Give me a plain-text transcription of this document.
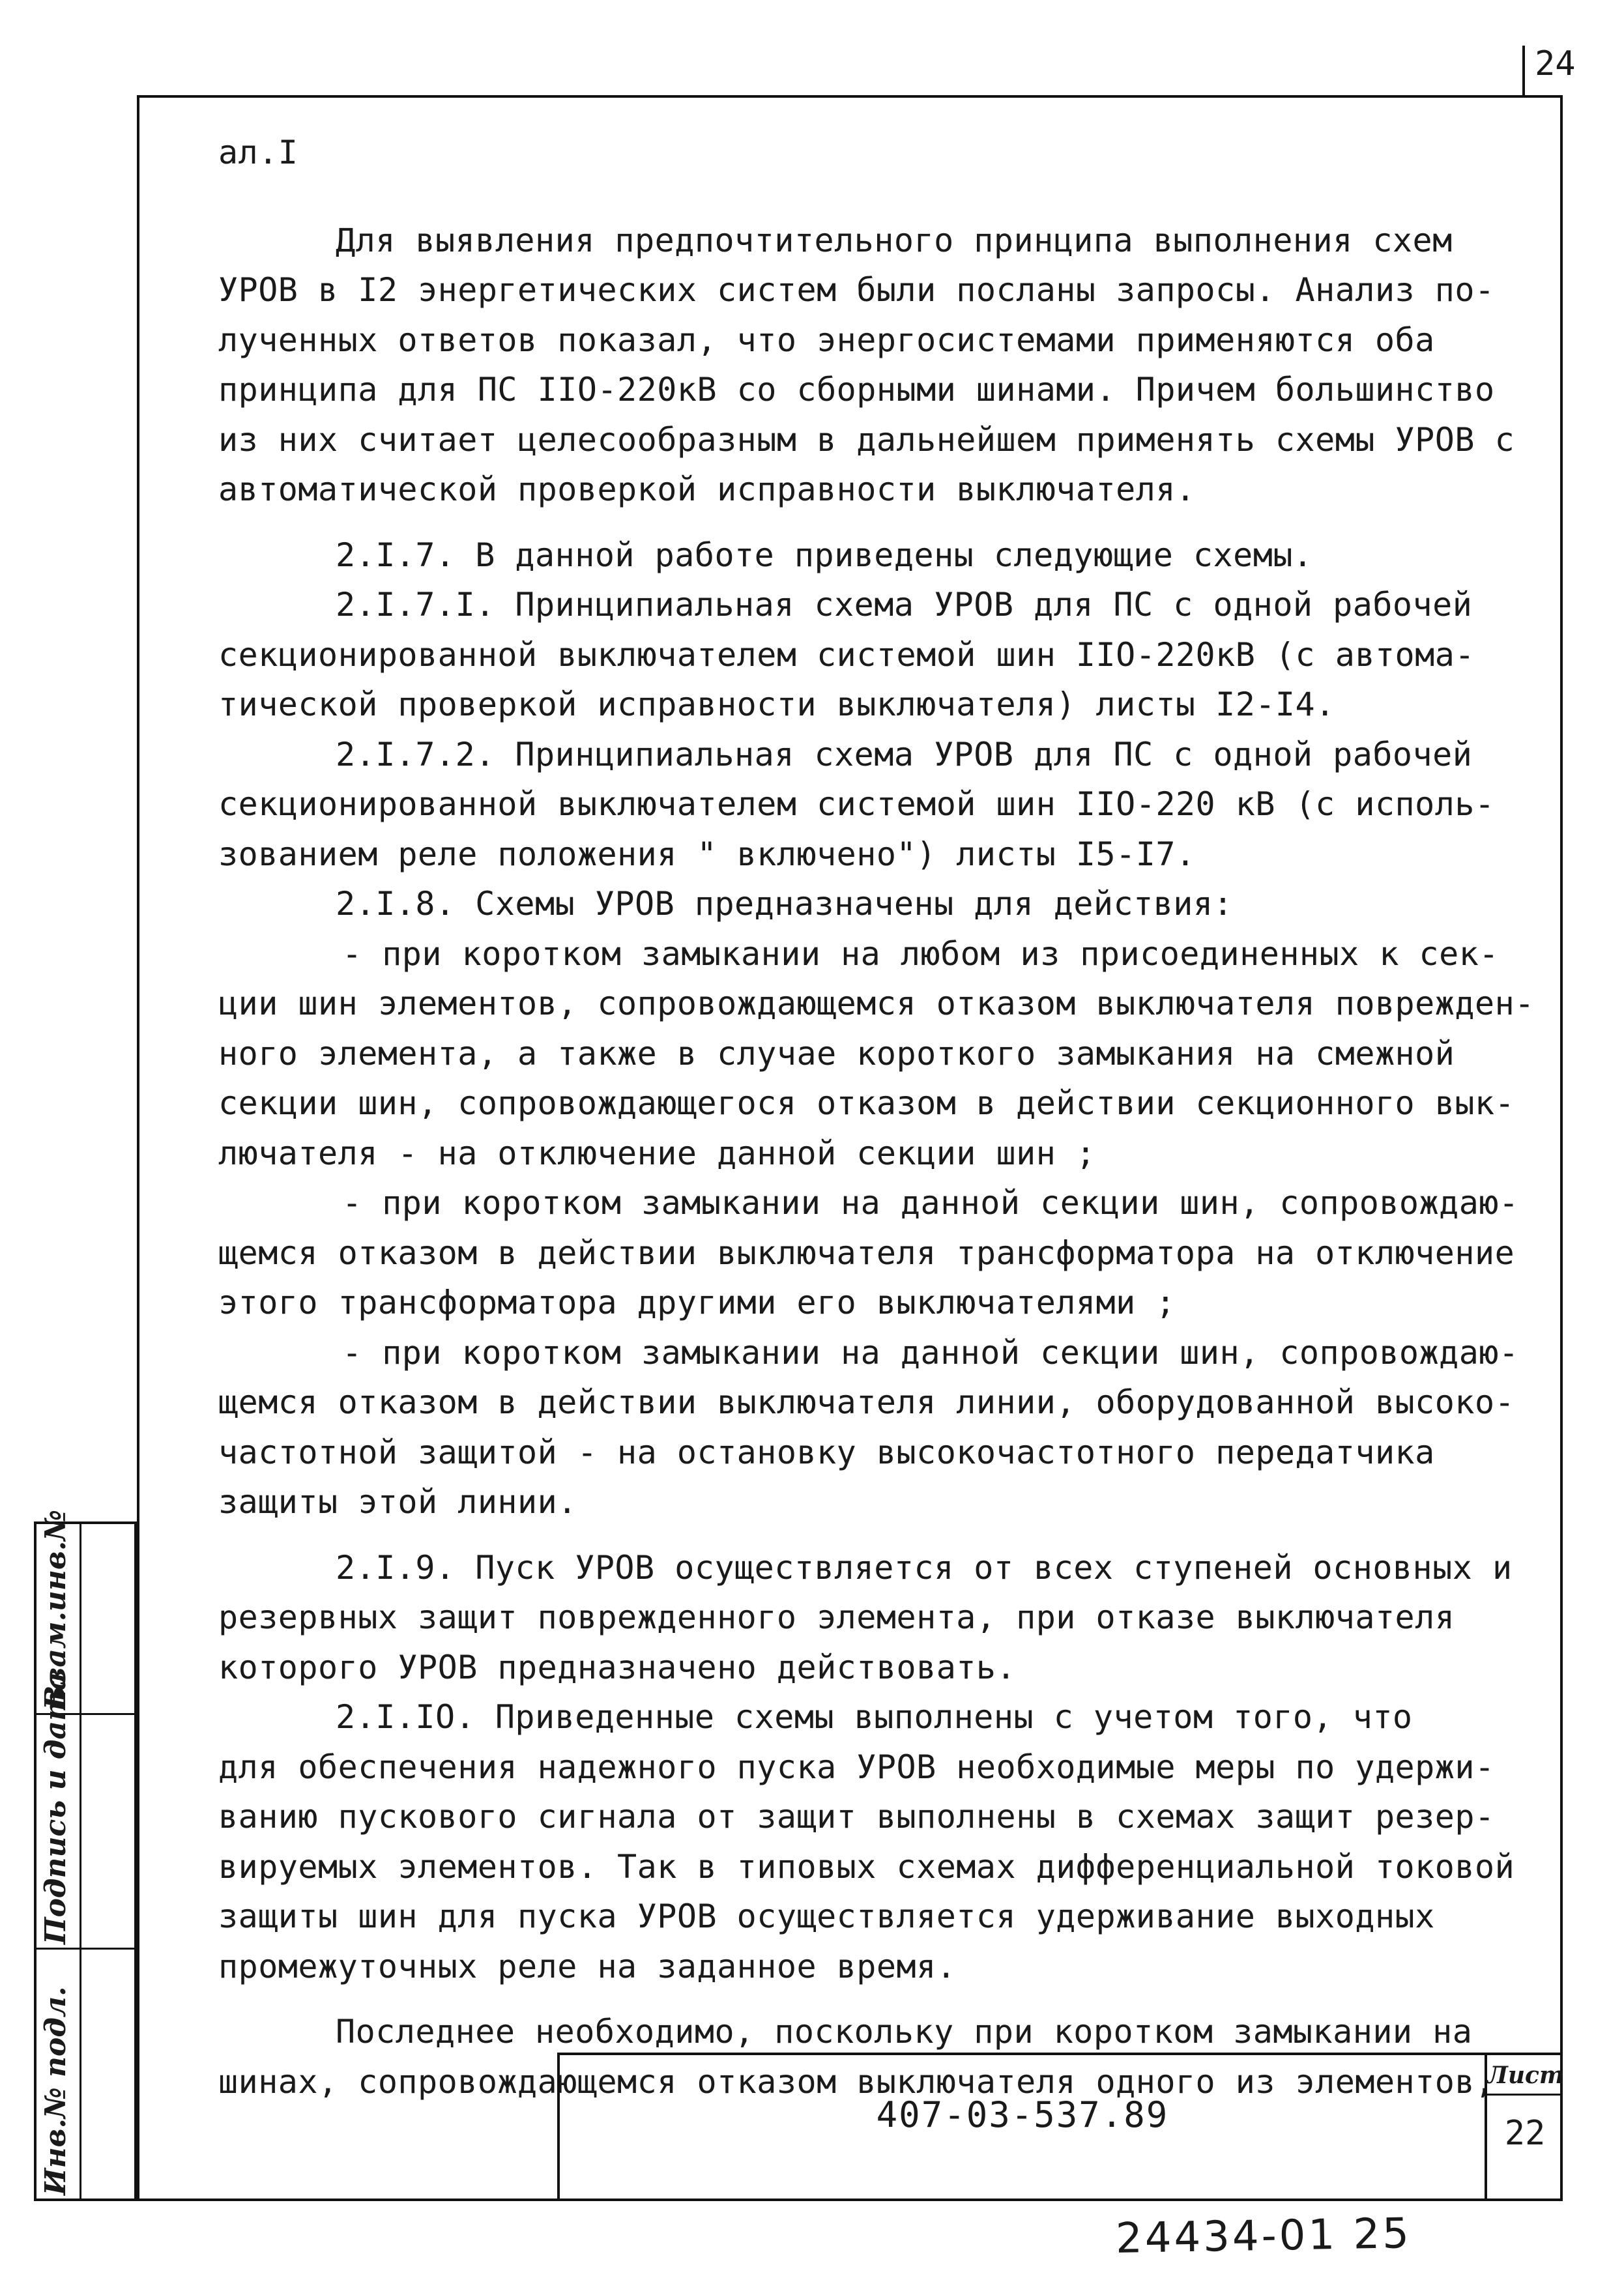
24

ал.I

Для выявления предпочтительного принципа выполнения схем

УРОВ в I2 энергетических систем были посланы запросы. Анализ по-

лученных ответов показал, что энергосистемами применяются оба

принципа для ПС IIO-220кВ со сборными шинами. Причем большинство

из них считает целесообразным в дальнейшем применять схемы УРОВ с

автоматической проверкой исправности выключателя.

2.I.7. В данной работе приведены следующие схемы.

2.I.7.I. Принципиальная схема УРОВ для ПС с одной рабочей

секционированной выключателем системой шин IIO-220кВ (с автома-

тической проверкой исправности выключателя) листы I2-I4.

2.I.7.2. Принципиальная схема УРОВ для ПС с одной рабочей

секционированной выключателем системой шин IIO-220 кВ (с исполь-

зованием реле положения " включено") листы I5-I7.

2.I.8. Схемы УРОВ предназначены для действия:

- при коротком замыкании на любом из присоединенных к сек-

ции шин элементов, сопровождающемся отказом выключателя поврежден-

ного элемента, а также в случае короткого замыкания на смежной

секции шин, сопровождающегося отказом в действии секционного вык-

лючателя - на отключение данной секции шин ;

- при коротком замыкании на данной секции шин, сопровождаю-

щемся отказом в действии выключателя трансформатора на отключение

этого трансформатора другими его выключателями ;

- при коротком замыкании на данной секции шин, сопровождаю-

щемся отказом в действии выключателя линии, оборудованной высоко-

частотной защитой - на остановку высокочастотного передатчика

защиты этой линии.

2.I.9. Пуск УРОВ осуществляется от всех ступеней основных и

резервных защит поврежденного элемента, при отказе выключателя

которого УРОВ предназначено действовать.

2.I.IO. Приведенные схемы выполнены с учетом того, что

для обеспечения надежного пуска УРОВ необходимые меры по удержи-

ванию пускового сигнала от защит выполнены в схемах защит резер-

вируемых элементов. Так в типовых схемах дифференциальной токовой

защиты шин для пуска УРОВ осуществляется удерживание выходных

промежуточных реле на заданное время.

Последнее необходимо, поскольку при коротком замыкании на

шинах, сопровождающемся отказом выключателя одного из элементов,

Взам.инв.№
Подпись и дата
Инв.№ подл.	407-03-537.89
Лист
22
24434-01 25
